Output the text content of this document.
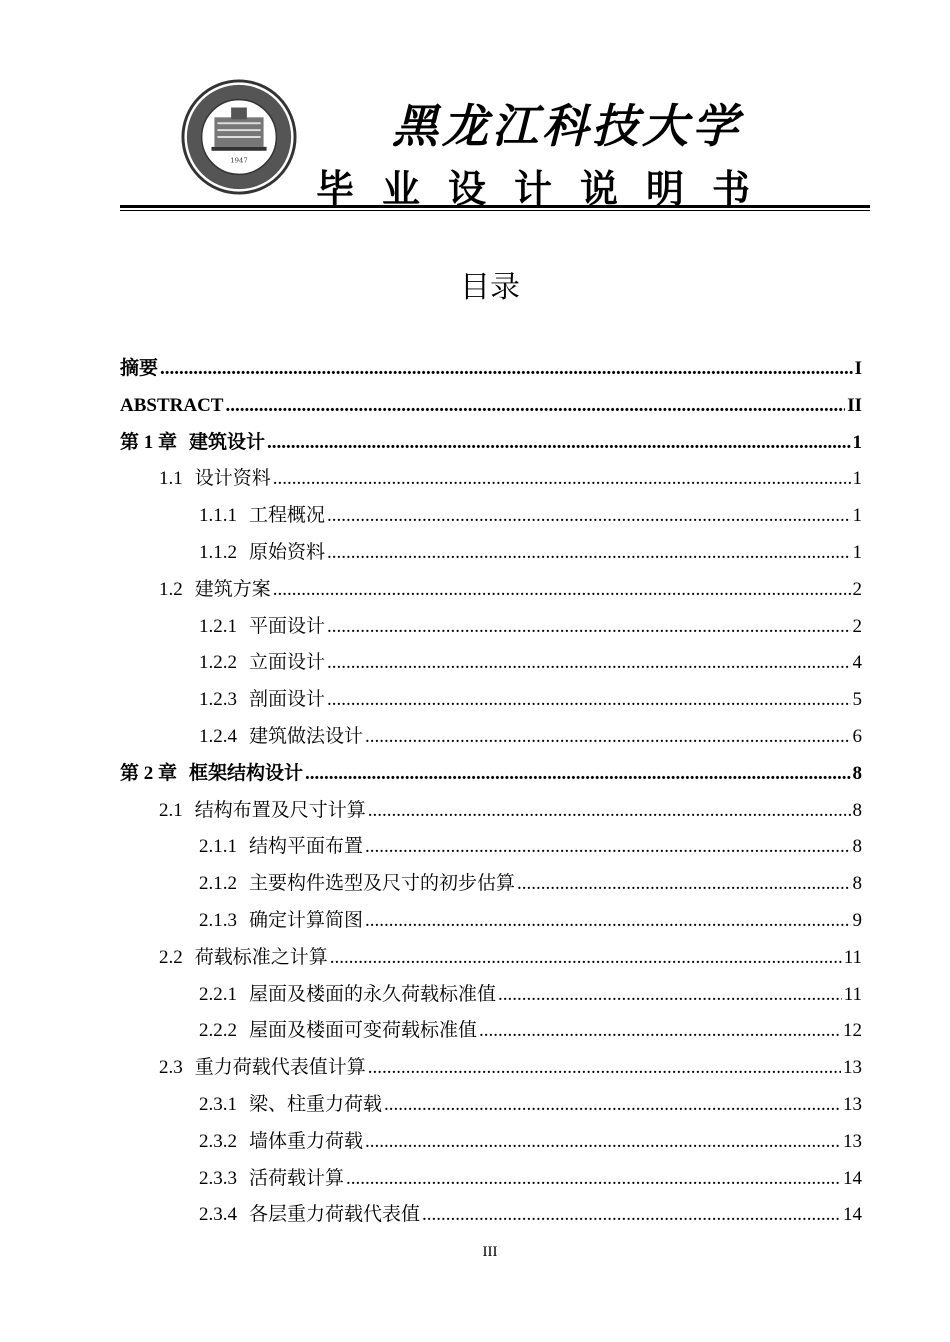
1947
黑龙江科技大学
毕业设计说明书
目录
摘要 .....	I
ABSTRACT .....	II
第 1 章 建筑设计 .....	1
1.1 设计资料 .....	1
1.1.1 工程概况 .....	1
1.1.2 原始资料 .....	1
1.2 建筑方案 .....	2
1.2.1 平面设计 .....	2
1.2.2 立面设计 .....	4
1.2.3 剖面设计 .....	5
1.2.4 建筑做法设计 .....	6
第 2 章 框架结构设计 .....	8
2.1 结构布置及尺寸计算 .....	8
2.1.1 结构平面布置 .....	8
2.1.2 主要构件选型及尺寸的初步估算 .....	8
2.1.3 确定计算简图 .....	9
2.2 荷载标准之计算 .....	11
2.2.1 屋面及楼面的永久荷载标准值 .....	11
2.2.2 屋面及楼面可变荷载标准值 .....	12
2.3 重力荷载代表值计算 .....	13
2.3.1 梁、柱重力荷载 .....	13
2.3.2 墙体重力荷载 .....	13
2.3.3 活荷载计算 .....	14
2.3.4 各层重力荷载代表值 .....	14
III
